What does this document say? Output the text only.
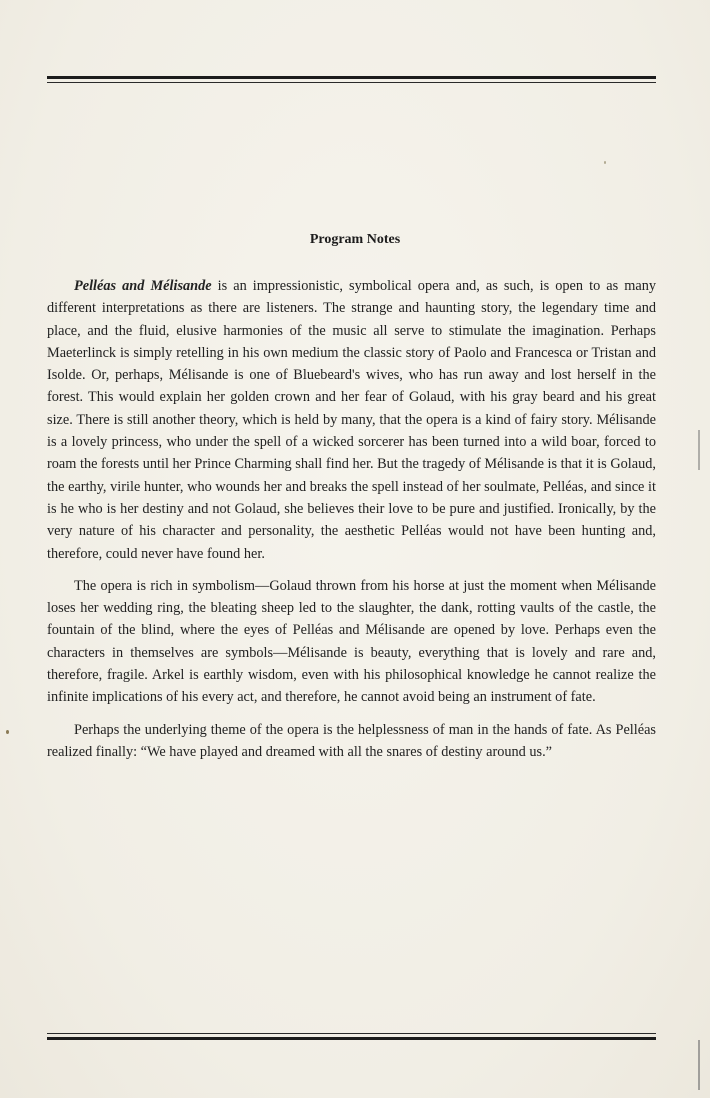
Program Notes

Pelléas and Mélisande is an impressionistic, symbolical opera and, as such, is open to as many different interpretations as there are listeners. The strange and haunting story, the legendary time and place, and the fluid, elusive harmonies of the music all serve to stimulate the imagination. Perhaps Maeterlinck is simply retelling in his own medium the classic story of Paolo and Francesca or Tristan and Isolde. Or, perhaps, Mélisande is one of Bluebeard's wives, who has run away and lost herself in the forest. This would explain her golden crown and her fear of Golaud, with his gray beard and his great size. There is still another theory, which is held by many, that the opera is a kind of fairy story. Mélisande is a lovely princess, who under the spell of a wicked sorcerer has been turned into a wild boar, forced to roam the forests until her Prince Charming shall find her. But the tragedy of Mélisande is that it is Golaud, the earthy, virile hunter, who wounds her and breaks the spell instead of her soulmate, Pelléas, and since it is he who is her destiny and not Golaud, she believes their love to be pure and justified. Ironically, by the very nature of his character and personality, the aesthetic Pelléas would not have been hunting and, therefore, could never have found her.

The opera is rich in symbolism—Golaud thrown from his horse at just the moment when Mélisande loses her wedding ring, the bleating sheep led to the slaughter, the dank, rotting vaults of the castle, the fountain of the blind, where the eyes of Pelléas and Mélisande are opened by love. Perhaps even the characters in themselves are symbols—Mélisande is beauty, everything that is lovely and rare and, therefore, fragile. Arkel is earthly wisdom, even with his philosophical knowledge he cannot realize the infinite implications of his every act, and therefore, he cannot avoid being an instrument of fate.

Perhaps the underlying theme of the opera is the helplessness of man in the hands of fate. As Pelléas realized finally: “We have played and dreamed with all the snares of destiny around us.”
